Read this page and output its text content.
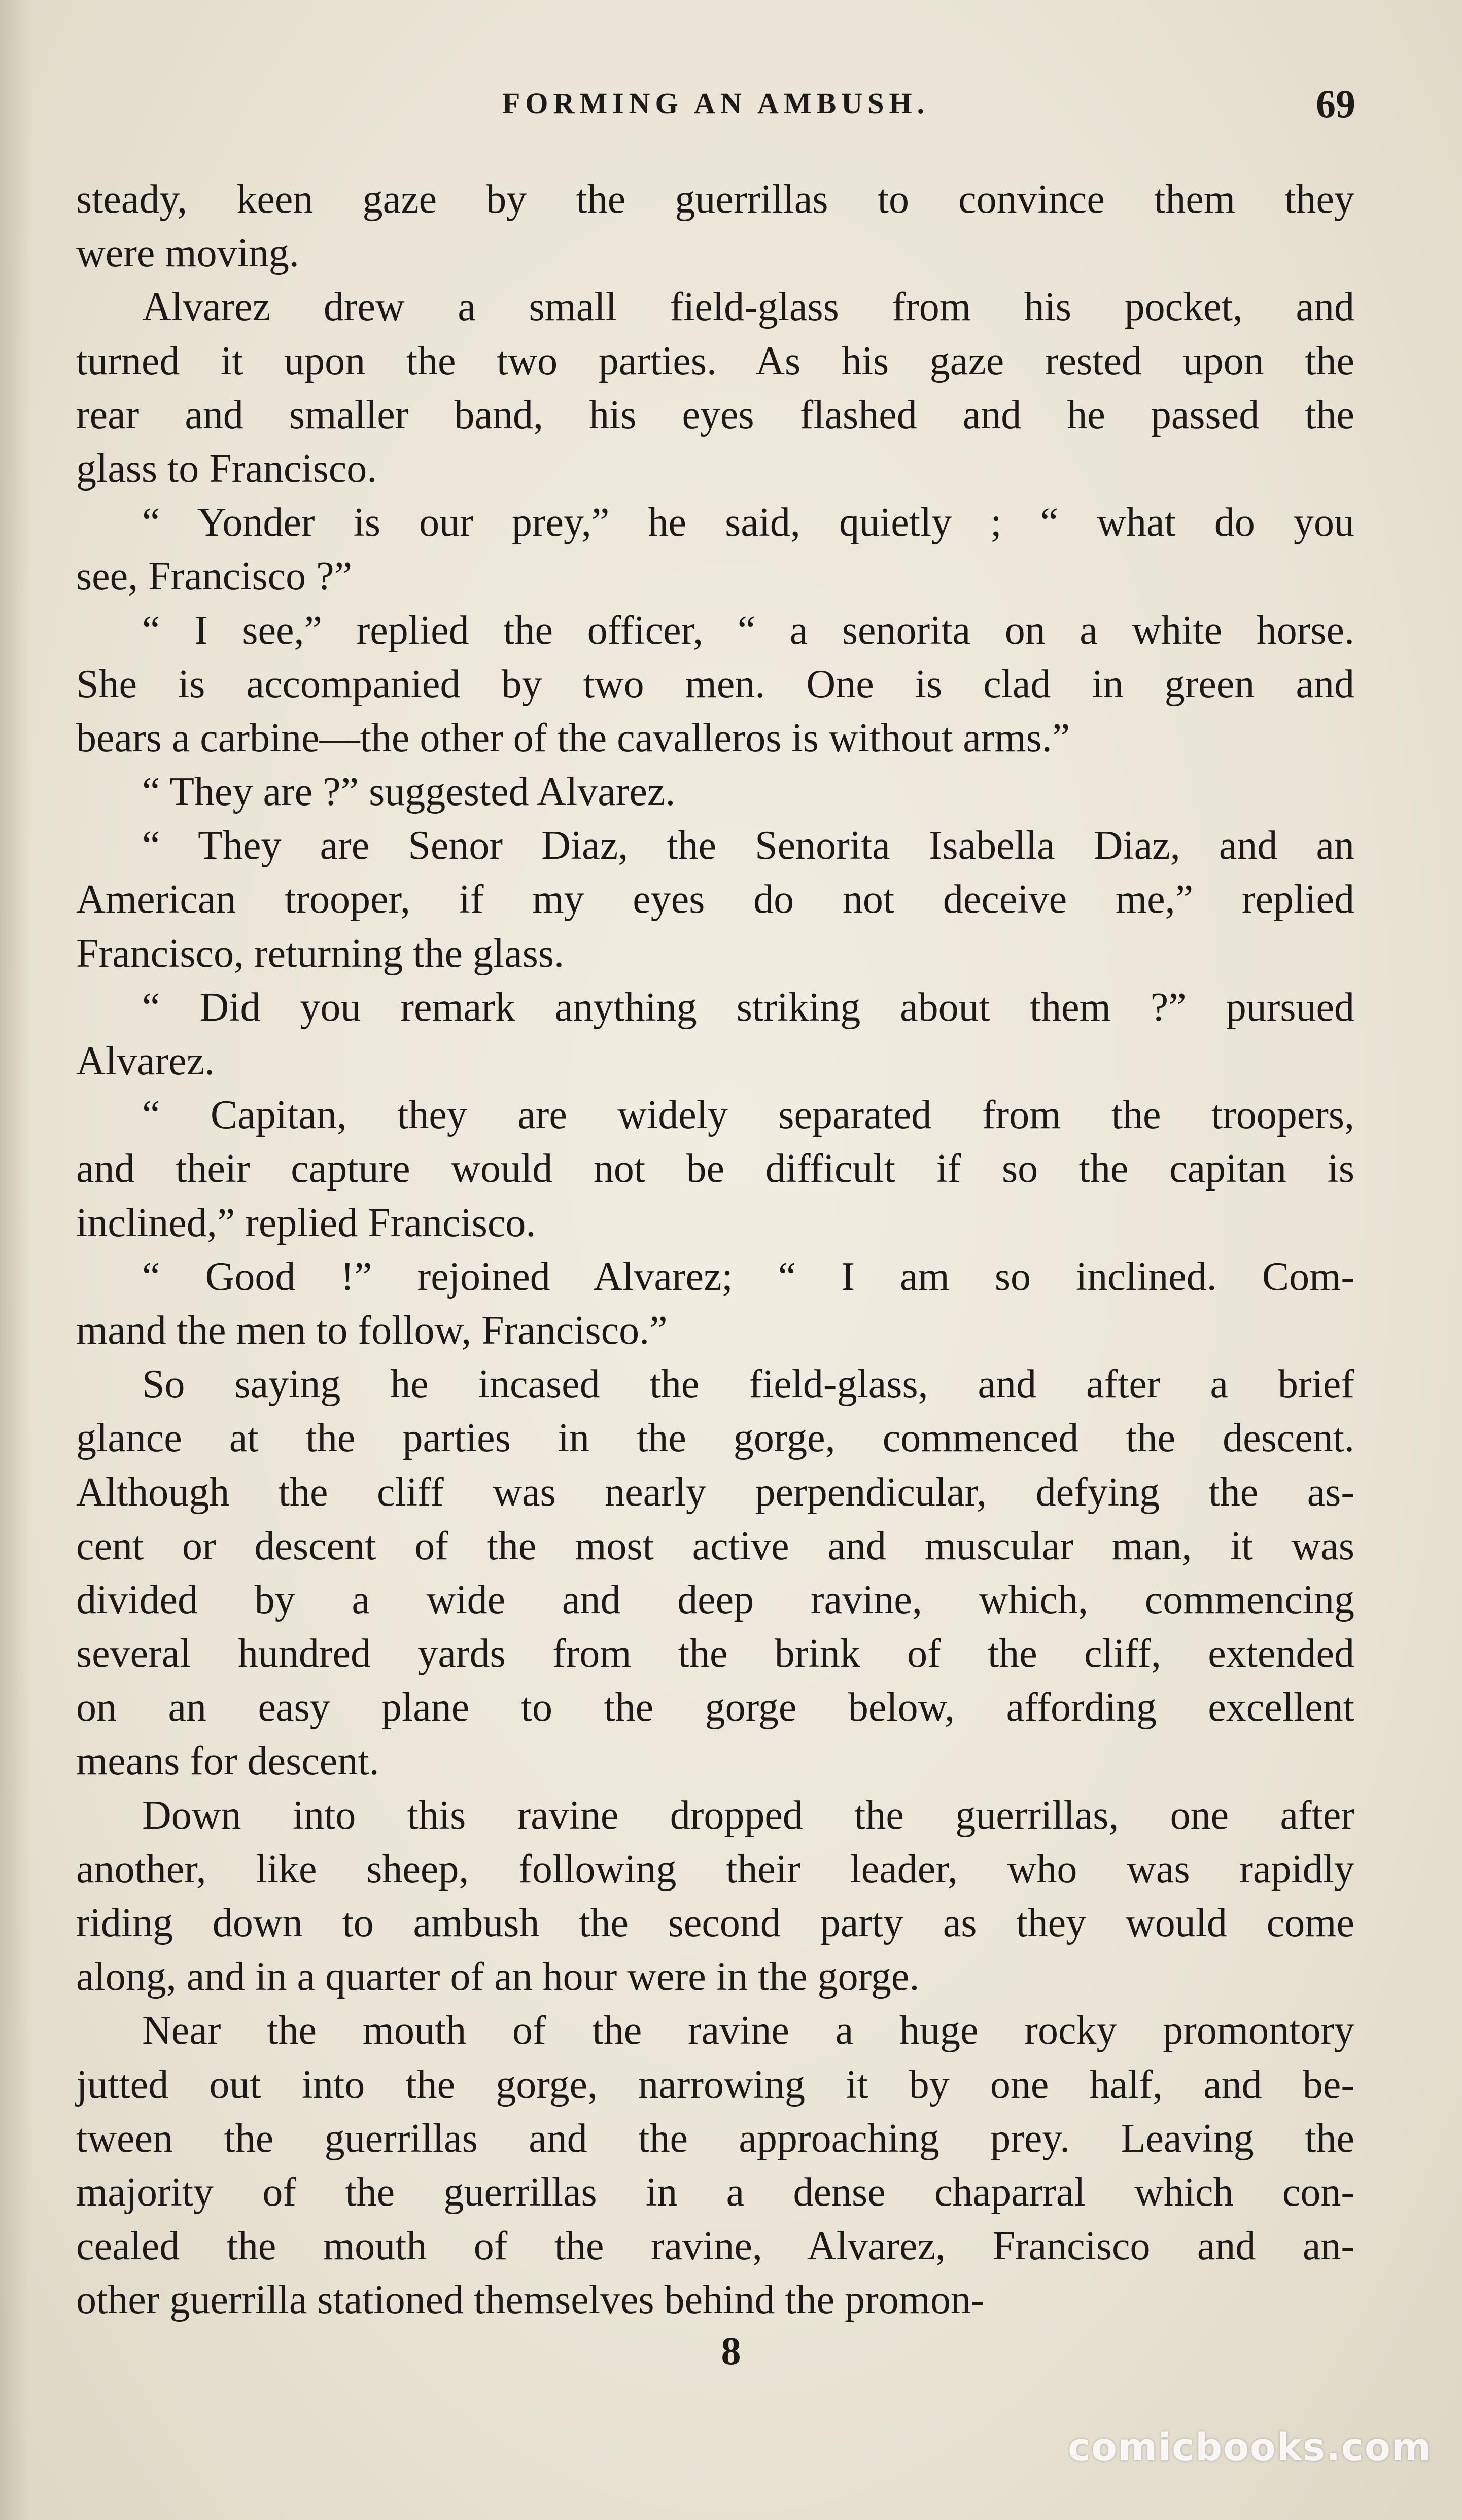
FORMING AN AMBUSH.	69
steady, keen gaze by the guerrillas to convince them they
were moving.
Alvarez drew a small field-glass from his pocket, and
turned it upon the two parties. As his gaze rested upon the
rear and smaller band, his eyes flashed and he passed the
glass to Francisco.
“ Yonder is our prey,” he said, quietly ; “ what do you
see, Francisco ?”
“ I see,” replied the officer, “ a senorita on a white horse.
She is accompanied by two men. One is clad in green and
bears a carbine—the other of the cavalleros is without arms.”
“ They are ?” suggested Alvarez.
“ They are Senor Diaz, the Senorita Isabella Diaz, and an
American trooper, if my eyes do not deceive me,” replied
Francisco, returning the glass.
“ Did you remark anything striking about them ?” pursued
Alvarez.
“ Capitan, they are widely separated from the troopers,
and their capture would not be difficult if so the capitan is
inclined,” replied Francisco.
“ Good !” rejoined Alvarez; “ I am so inclined. Com-
mand the men to follow, Francisco.”
So saying he incased the field-glass, and after a brief
glance at the parties in the gorge, commenced the descent.
Although the cliff was nearly perpendicular, defying the as-
cent or descent of the most active and muscular man, it was
divided by a wide and deep ravine, which, commencing
several hundred yards from the brink of the cliff, extended
on an easy plane to the gorge below, affording excellent
means for descent.
Down into this ravine dropped the guerrillas, one after
another, like sheep, following their leader, who was rapidly
riding down to ambush the second party as they would come
along, and in a quarter of an hour were in the gorge.
Near the mouth of the ravine a huge rocky promontory
jutted out into the gorge, narrowing it by one half, and be-
tween the guerrillas and the approaching prey. Leaving the
majority of the guerrillas in a dense chaparral which con-
cealed the mouth of the ravine, Alvarez, Francisco and an-
other guerrilla stationed themselves behind the promon-
8
comicbooks.com
